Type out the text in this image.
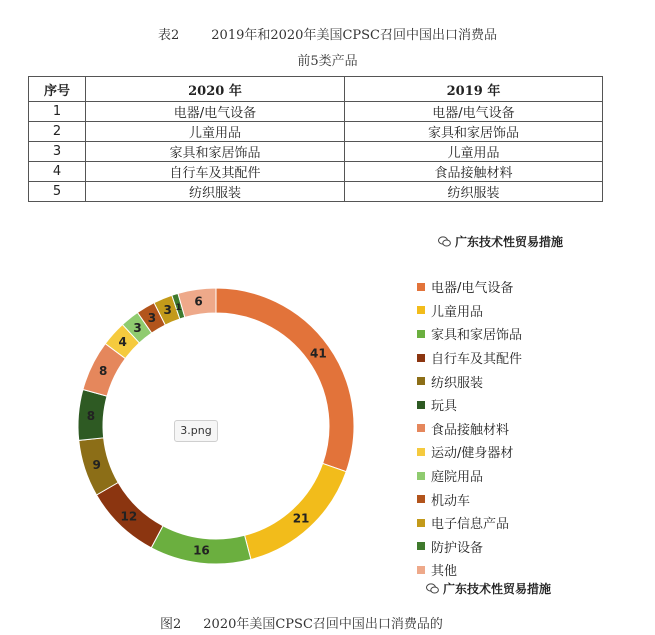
表2 2019年和2020年美国CPSC召回中国出口消费品
前5类产品
序号	2020 年	2019 年
1	电器/电气设备	电器/电气设备
2	儿童用品	家具和家居饰品
3	家具和家居饰品	儿童用品
4	自行车及其配件	食品接触材料
5	纺织服装	纺织服装
广东技术性贸易措施
41
21
16
12
9
8
8
4
3
3
3 1 6
3.png
电器/电气设备
儿童用品
家具和家居饰品
自行车及其配件
纺织服装
玩具
食品接触材料
运动/健身器材
庭院用品
机动车
电子信息产品
防护设备
其他
广东技术性贸易措施
图2 2020年美国CPSC召回中国出口消费品的
